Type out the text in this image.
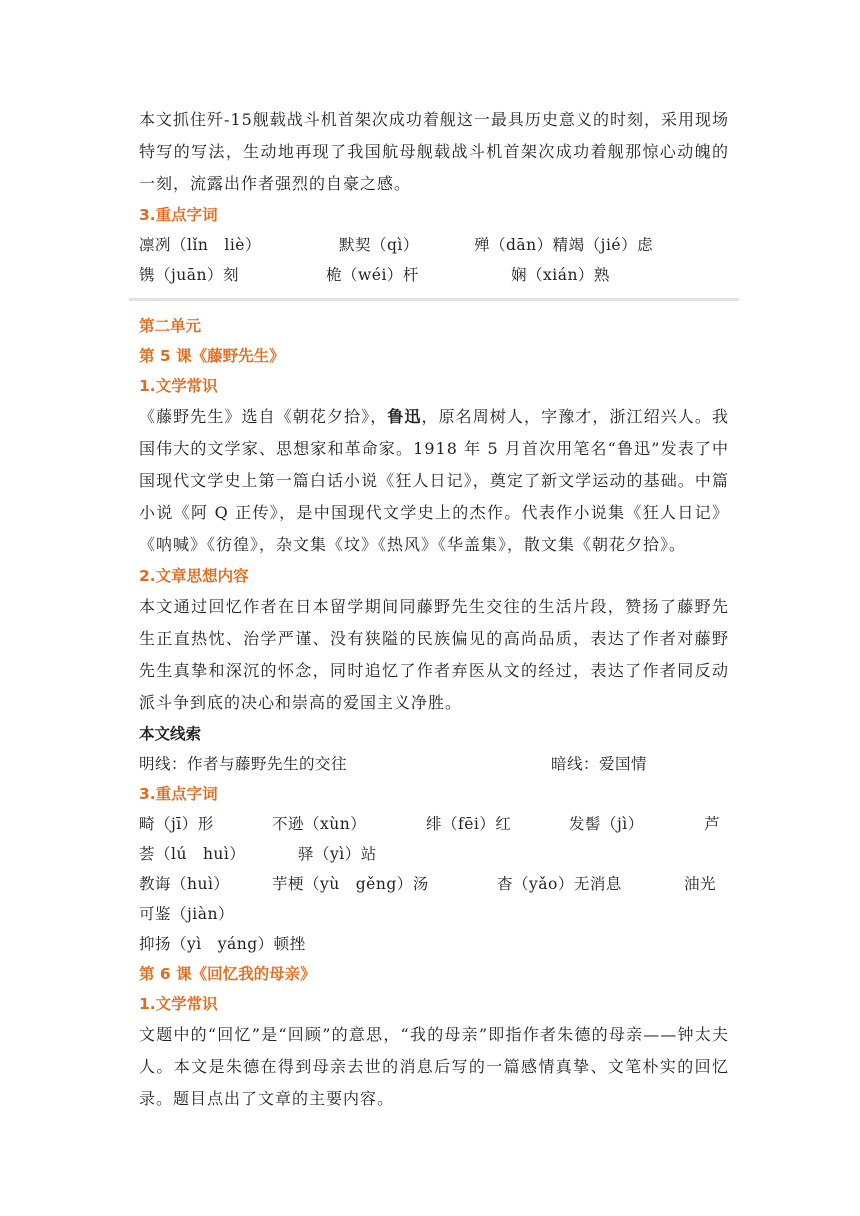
本文抓住歼-15舰载战斗机首架次成功着舰这一最具历史意义的时刻，采用现场特写的写法，生动地再现了我国航母舰载战斗机首架次成功着舰那惊心动魄的一刻，流露出作者强烈的自豪之感。

3.重点字词

凛冽（lǐn　liè）	默契（qì）	殚（dān）精竭（jié）虑
镌（juān）刻	桅（wéi）杆	娴（xián）熟

第二单元

第 5 课《藤野先生》

1.文学常识

《藤野先生》选自《朝花夕拾》，鲁迅，原名周树人，字豫才，浙江绍兴人。我国伟大的文学家、思想家和革命家。1918 年 5 月首次用笔名“鲁迅”发表了中国现代文学史上第一篇白话小说《狂人日记》，奠定了新文学运动的基础。中篇小说《阿 Q 正传》，是中国现代文学史上的杰作。代表作小说集《狂人日记》《呐喊》《彷徨》，杂文集《坟》《热风》《华盖集》，散文集《朝花夕拾》。

2.文章思想内容

本文通过回忆作者在日本留学期间同藤野先生交往的生活片段，赞扬了藤野先生正直热忱、治学严谨、没有狭隘的民族偏见的高尚品质，表达了作者对藤野先生真挚和深沉的怀念，同时追忆了作者弃医从文的经过，表达了作者同反动派斗争到底的决心和崇高的爱国主义净胜。

本文线索

明线：作者与藤野先生的交往	暗线：爱国情

3.重点字词

畸（jī）形	不逊（xùn）	绯（fēi）红	发髻（jì）	芦
荟（lú　huì）	驿（yì）站
教诲（huì）	芋梗（yù　gěng）汤	杳（yǎo）无消息	油光
可鉴（jiàn）
抑扬（yì　yáng）顿挫

第 6 课《回忆我的母亲》

1.文学常识

文题中的“回忆”是“回顾”的意思，“我的母亲”即指作者朱德的母亲——钟太夫人。本文是朱德在得到母亲去世的消息后写的一篇感情真挚、文笔朴实的回忆录。题目点出了文章的主要内容。
